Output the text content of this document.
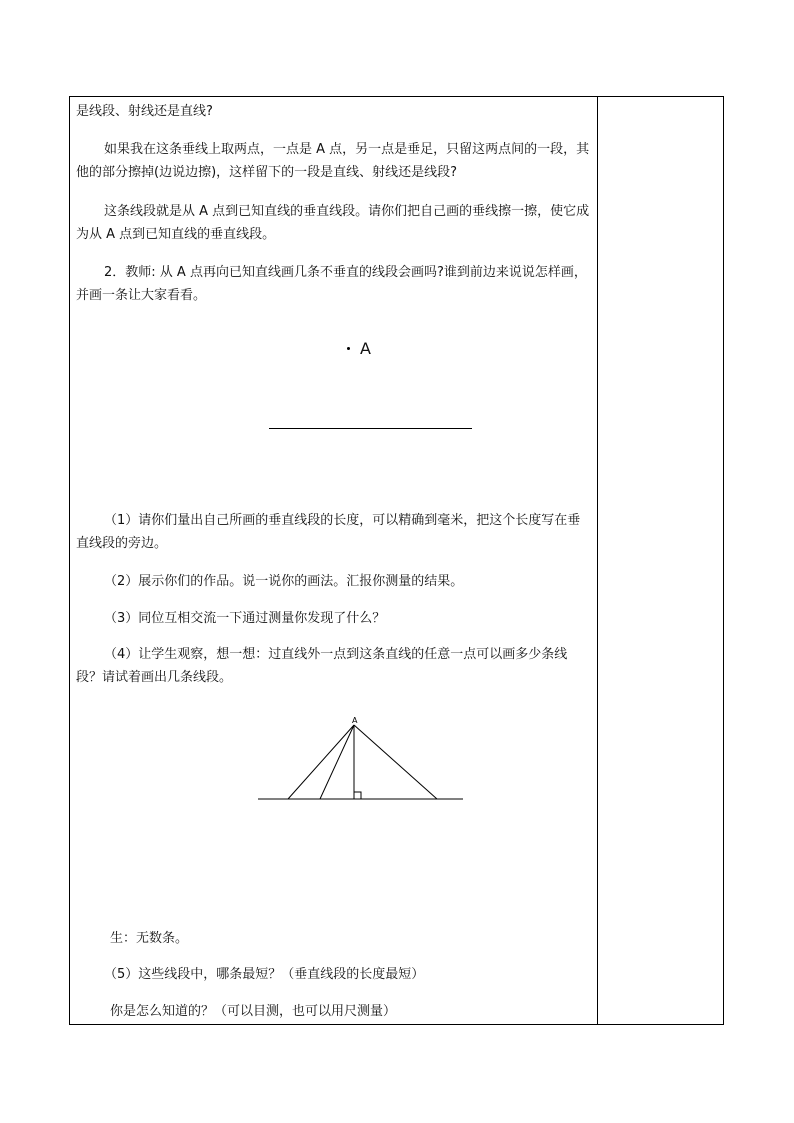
是线段、射线还是直线?

如果我在这条垂线上取两点，一点是 A 点，另一点是垂足，只留这两点间的一段，其他的部分擦掉(边说边擦)，这样留下的一段是直线、射线还是线段?

这条线段就是从 A 点到已知直线的垂直线段。请你们把自己画的垂线擦一擦，使它成为从 A 点到已知直线的垂直线段。

2．教师: 从 A 点再向已知直线画几条不垂直的线段会画吗?谁到前边来说说怎样画，并画一条让大家看看。

A

（1）请你们量出自己所画的垂直线段的长度，可以精确到毫米，把这个长度写在垂直线段的旁边。

（2）展示你们的作品。说一说你的画法。汇报你测量的结果。

（3）同位互相交流一下通过测量你发现了什么？

（4）让学生观察，想一想：过直线外一点到这条直线的任意一点可以画多少条线段？请试着画出几条线段。

A

生：无数条。

（5）这些线段中，哪条最短？（垂直线段的长度最短）

你是怎么知道的？（可以目测，也可以用尺测量）
